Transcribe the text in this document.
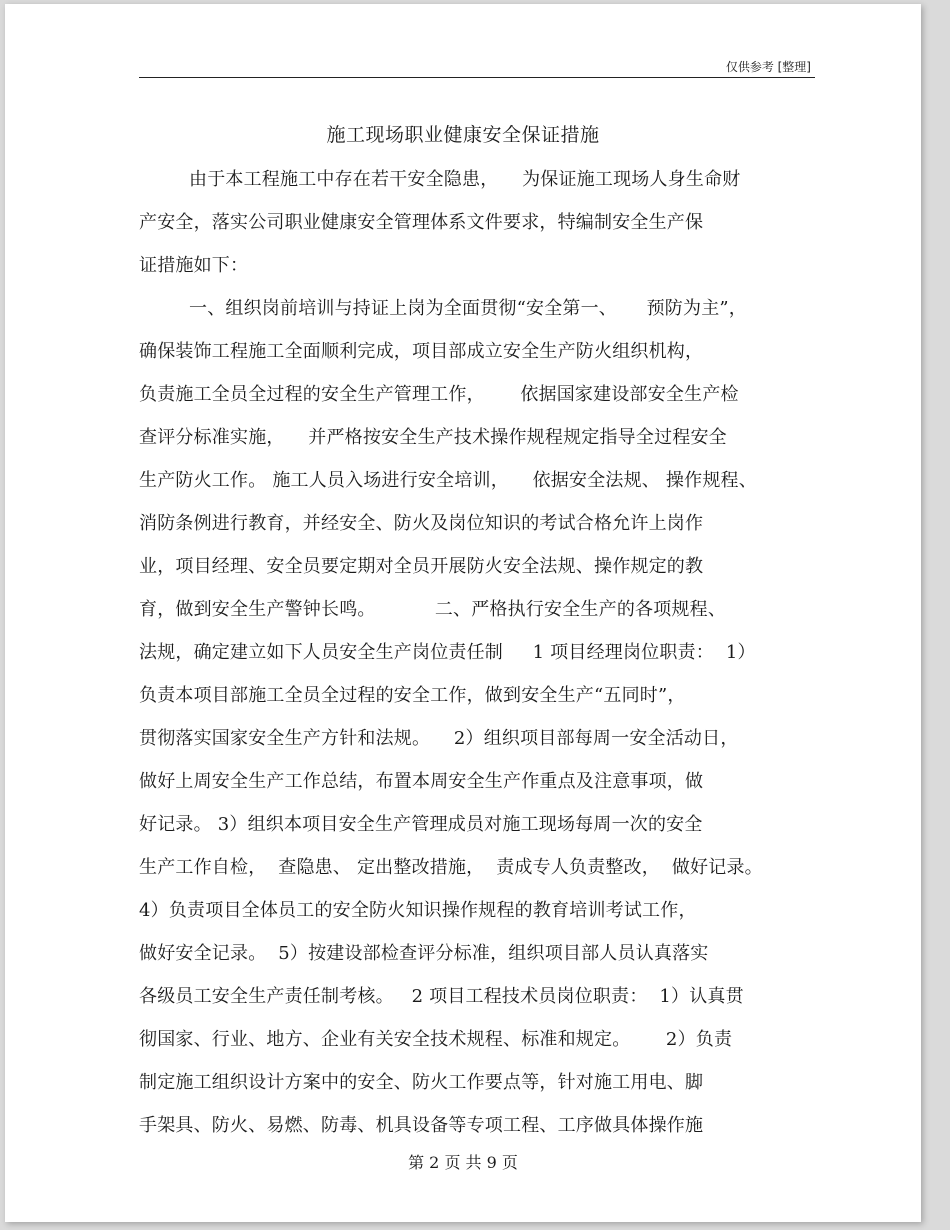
仅供参考 [整理]
施工现场职业健康安全保证措施
由于本工程施工中存在若干安全隐患，    为保证施工现场人身生命财
产安全，落实公司职业健康安全管理体系文件要求，特编制安全生产保
证措施如下：
一、组织岗前培训与持证上岗为全面贯彻“安全第一、     预防为主”，
确保装饰工程施工全面顺利完成，项目部成立安全生产防火组织机构，
负责施工全员全过程的安全生产管理工作，      依据国家建设部安全生产检
查评分标准实施，    并严格按安全生产技术操作规程规定指导全过程安全
生产防火工作。 施工人员入场进行安全培训，    依据安全法规、 操作规程、
消防条例进行教育，并经安全、防火及岗位知识的考试合格允许上岗作
业，项目经理、安全员要定期对全员开展防火安全法规、操作规定的教
育，做到安全生产警钟长鸣。          二、严格执行安全生产的各项规程、
法规，确定建立如下人员安全生产岗位责任制     1 项目经理岗位职责：  1）
负责本项目部施工全员全过程的安全工作，做到安全生产“五同时”，
贯彻落实国家安全生产方针和法规。    2）组织项目部每周一安全活动日，
做好上周安全生产工作总结，布置本周安全生产作重点及注意事项，做
好记录。 3）组织本项目安全生产管理成员对施工现场每周一次的安全
生产工作自检，  查隐患、 定出整改措施，  责成专人负责整改，  做好记录。
4）负责项目全体员工的安全防火知识操作规程的教育培训考试工作，
做好安全记录。  5）按建设部检查评分标准，组织项目部人员认真落实
各级员工安全生产责任制考核。   2 项目工程技术员岗位职责：  1）认真贯
彻国家、行业、地方、企业有关安全技术规程、标准和规定。      2）负责
制定施工组织设计方案中的安全、防火工作要点等，针对施工用电、脚
手架具、防火、易燃、防毒、机具设备等专项工程、工序做具体操作施
第 2 页 共 9 页
